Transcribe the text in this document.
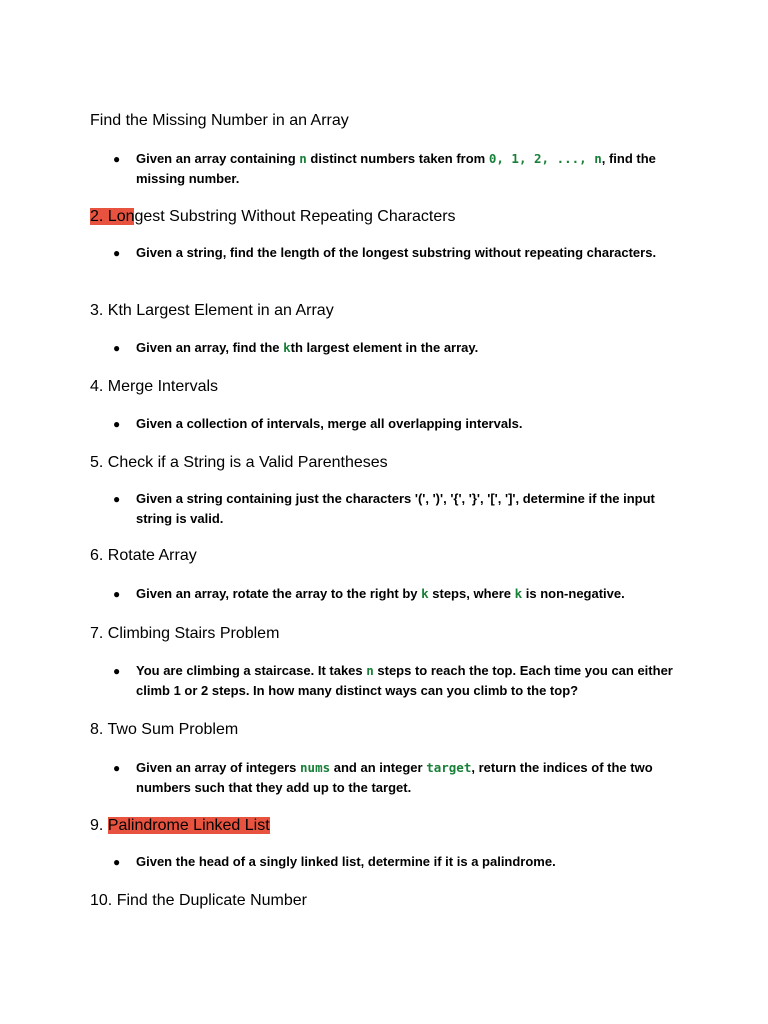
Find the Missing Number in an Array
● Given an array containing n distinct numbers taken from 0, 1, 2, ..., n, find the missing number.
2. Longest Substring Without Repeating Characters
● Given a string, find the length of the longest substring without repeating characters.
3. Kth Largest Element in an Array
● Given an array, find the kth largest element in the array.
4. Merge Intervals
● Given a collection of intervals, merge all overlapping intervals.
5. Check if a String is a Valid Parentheses
● Given a string containing just the characters '(', ')', '{', '}', '[', ']', determine if the input string is valid.
6. Rotate Array
● Given an array, rotate the array to the right by k steps, where k is non-negative.
7. Climbing Stairs Problem
● You are climbing a staircase. It takes n steps to reach the top. Each time you can either climb 1 or 2 steps. In how many distinct ways can you climb to the top?
8. Two Sum Problem
● Given an array of integers nums and an integer target, return the indices of the two numbers such that they add up to the target.
9. Palindrome Linked List
● Given the head of a singly linked list, determine if it is a palindrome.
10. Find the Duplicate Number
